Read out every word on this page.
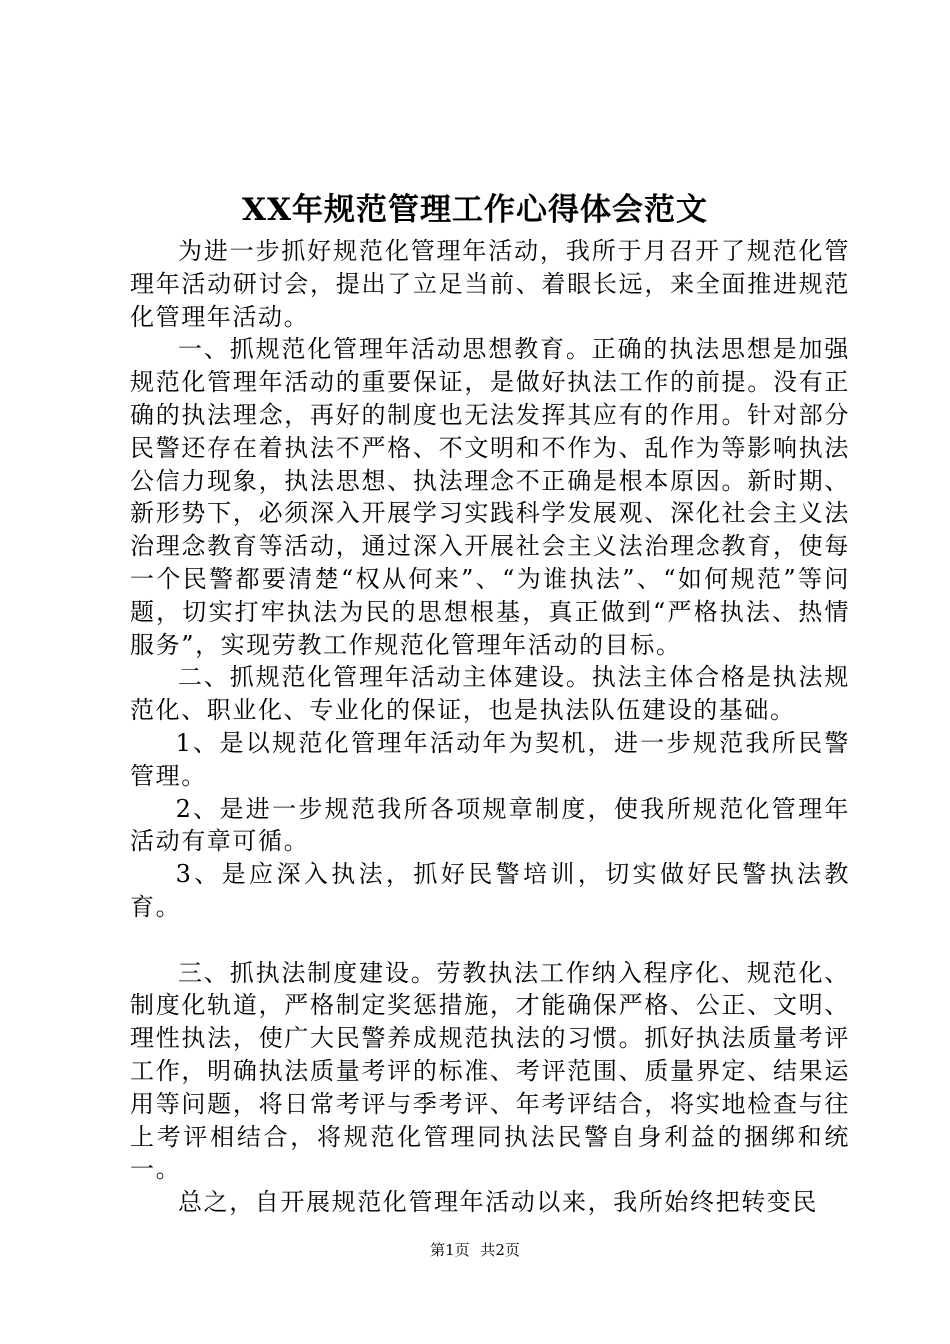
XX年规范管理工作心得体会范文

为进一步抓好规范化管理年活动，我所于月召开了规范化管理年活动研讨会，提出了立足当前、着眼长远，来全面推进规范化管理年活动。

一、抓规范化管理年活动思想教育。正确的执法思想是加强规范化管理年活动的重要保证，是做好执法工作的前提。没有正确的执法理念，再好的制度也无法发挥其应有的作用。针对部分民警还存在着执法不严格、不文明和不作为、乱作为等影响执法公信力现象，执法思想、执法理念不正确是根本原因。新时期、新形势下，必须深入开展学习实践科学发展观、深化社会主义法治理念教育等活动，通过深入开展社会主义法治理念教育，使每一个民警都要清楚“权从何来”、“为谁执法”、“如何规范”等问题，切实打牢执法为民的思想根基，真正做到“严格执法、热情服务”，实现劳教工作规范化管理年活动的目标。

二、抓规范化管理年活动主体建设。执法主体合格是执法规范化、职业化、专业化的保证，也是执法队伍建设的基础。

1、是以规范化管理年活动年为契机，进一步规范我所民警管理。

2、是进一步规范我所各项规章制度，使我所规范化管理年活动有章可循。

3、是应深入执法，抓好民警培训，切实做好民警执法教育。

三、抓执法制度建设。劳教执法工作纳入程序化、规范化、制度化轨道，严格制定奖惩措施，才能确保严格、公正、文明、理性执法，使广大民警养成规范执法的习惯。抓好执法质量考评工作，明确执法质量考评的标准、考评范围、质量界定、结果运用等问题，将日常考评与季考评、年考评结合，将实地检查与往上考评相结合，将规范化管理同执法民警自身利益的捆绑和统一。

总之，自开展规范化管理年活动以来，我所始终把转变民

第1页 共2页
